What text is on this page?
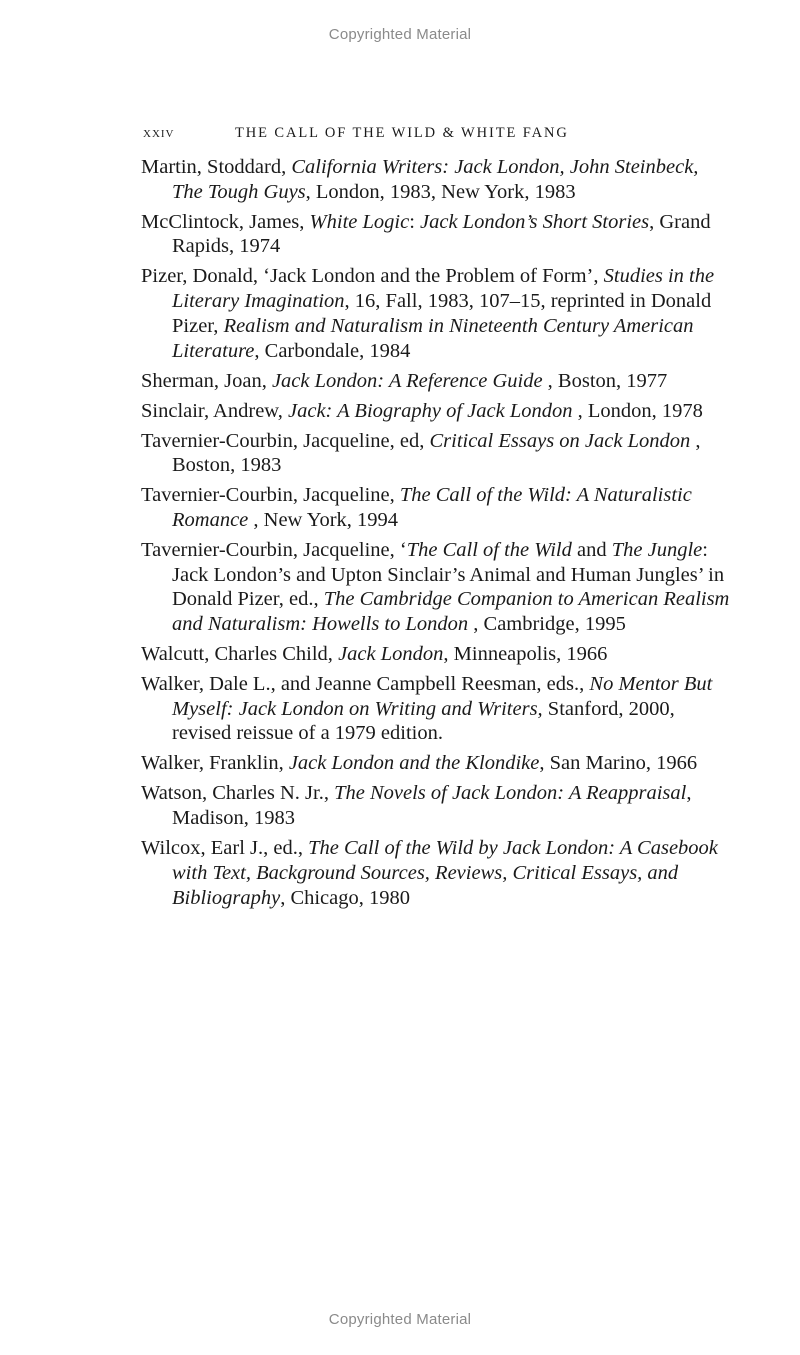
Copyrighted Material
xxiv	THE CALL OF THE WILD & WHITE FANG
Martin, Stoddard, California Writers: Jack London, John Steinbeck, The Tough Guys, London, 1983, New York, 1983
McClintock, James, White Logic: Jack London’s Short Stories, Grand Rapids, 1974
Pizer, Donald, ‘Jack London and the Problem of Form’, Studies in the Literary Imagination, 16, Fall, 1983, 107–15, reprinted in Donald Pizer, Realism and Naturalism in Nineteenth Century American Literature, Carbondale, 1984
Sherman, Joan, Jack London: A Reference Guide , Boston, 1977
Sinclair, Andrew, Jack: A Biography of Jack London , London, 1978
Tavernier-Courbin, Jacqueline, ed, Critical Essays on Jack London , Boston, 1983
Tavernier-Courbin, Jacqueline, The Call of the Wild: A Naturalistic Romance , New York, 1994
Tavernier-Courbin, Jacqueline, ‘The Call of the Wild and The Jungle: Jack London’s and Upton Sinclair’s Animal and Human Jungles’ in Donald Pizer, ed., The Cambridge Companion to American Realism and Naturalism: Howells to London , Cambridge, 1995
Walcutt, Charles Child, Jack London, Minneapolis, 1966
Walker, Dale L., and Jeanne Campbell Reesman, eds., No Mentor But Myself: Jack London on Writing and Writers, Stanford, 2000, revised reissue of a 1979 edition.
Walker, Franklin, Jack London and the Klondike, San Marino, 1966
Watson, Charles N. Jr., The Novels of Jack London: A Reappraisal, Madison, 1983
Wilcox, Earl J., ed., The Call of the Wild by Jack London: A Casebook with Text, Background Sources, Reviews, Critical Essays, and Bibliography, Chicago, 1980
Copyrighted Material
